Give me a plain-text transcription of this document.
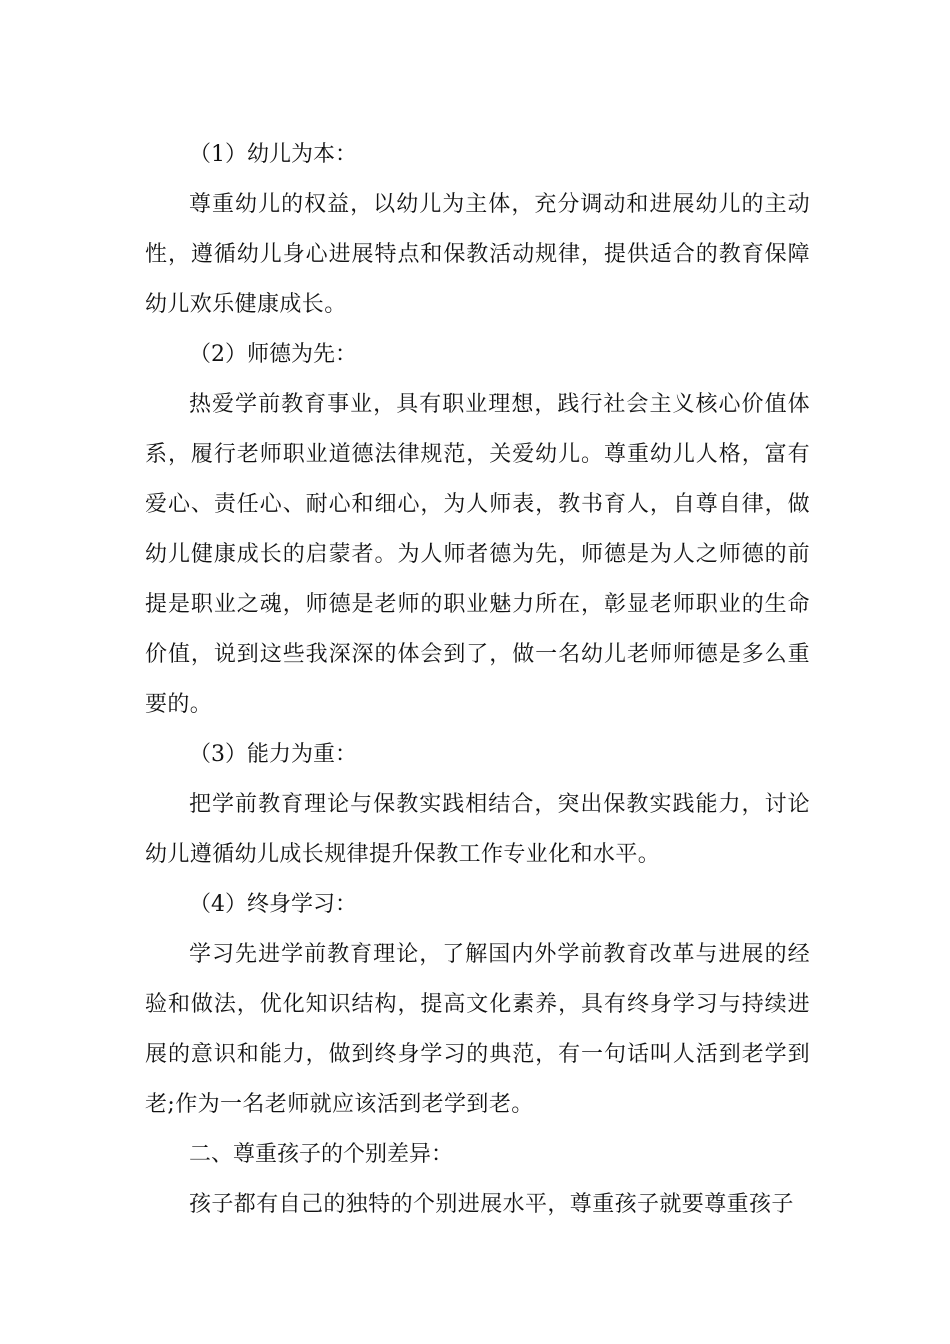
（1）幼儿为本：

尊重幼儿的权益，以幼儿为主体，充分调动和进展幼儿的主动性，遵循幼儿身心进展特点和保教活动规律，提供适合的教育保障幼儿欢乐健康成长。

（2）师德为先：

热爱学前教育事业，具有职业理想，践行社会主义核心价值体系，履行老师职业道德法律规范，关爱幼儿。尊重幼儿人格，富有爱心、责任心、耐心和细心，为人师表，教书育人，自尊自律，做幼儿健康成长的启蒙者。为人师者德为先，师德是为人之师德的前提是职业之魂，师德是老师的职业魅力所在，彰显老师职业的生命价值，说到这些我深深的体会到了，做一名幼儿老师师德是多么重要的。

（3）能力为重：

把学前教育理论与保教实践相结合，突出保教实践能力，讨论幼儿遵循幼儿成长规律提升保教工作专业化和水平。

（4）终身学习：

学习先进学前教育理论，了解国内外学前教育改革与进展的经验和做法，优化知识结构，提高文化素养，具有终身学习与持续进展的意识和能力，做到终身学习的典范，有一句话叫人活到老学到老;作为一名老师就应该活到老学到老。

二、尊重孩子的个别差异：

孩子都有自己的独特的个别进展水平，尊重孩子就要尊重孩子
